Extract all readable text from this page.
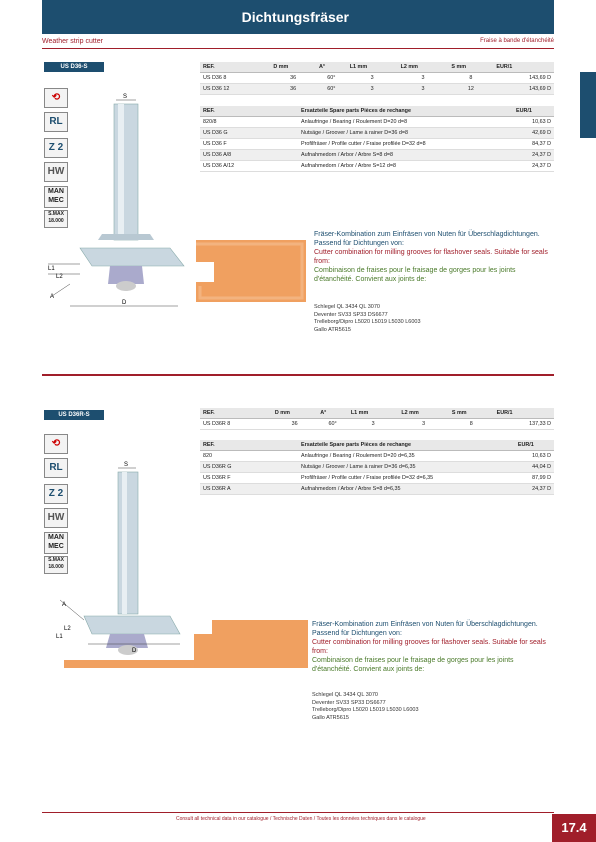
Dichtungsfräser
Weather strip cutter	Fraise à bande d'étanchéité
US D36-S
⟲
RL
Z 2
HW
MAN MEC
S.MAX 18.000
S
L1
L2
A
D
REF.	D mm	A°	L1 mm	L2 mm	S mm	EUR/1
US D36 8	36	60°	3	3	8	143,69 D
US D36 12	36	60°	3	3	12	143,69 D
REF.	Ersatzteile Spare parts Pièces de rechange	EUR/1
820/8	Anlaufringe / Bearing / Roulement D=20 d=8	10,63 D
US D36 G	Nutsäge / Groover / Lame à rainer D=36 d=8	42,69 D
US D36 F	Profilfräser / Profile cutter / Fraise profilée D=32 d=8	84,37 D
US D36 A/8	Aufnahmedorn / Arbor / Arbre S=8 d=8	24,37 D
US D36 A/12	Aufnahmedorn / Arbor / Arbre S=12 d=8	24,37 D
Fräser-Kombination zum Einfräsen von Nuten für Überschlagdichtungen. Passend für Dichtungen von:
Cutter combination for milling grooves for flashover seals. Suitable for seals from:
Combinaison de fraises pour le fraisage de gorges pour les joints d'étanchéité. Convient aux joints de:
Schlegel QL 3434 QL 3070
Deventer SV33 SP33 DS6677
Trelleborg/Dipro L5020 L5019 L5030 L6003
Gallo ATR5615
US D36R-S
⟲
RL
Z 2
HW
MAN MEC
S.MAX 18.000
S
A
L2
L1
D
REF.	D mm	A°	L1 mm	L2 mm	S mm	EUR/1
US D36R 8	36	60°	3	3	8	137,33 D
REF.	Ersatzteile Spare parts Pièces de rechange	EUR/1
820	Anlaufringe / Bearing / Roulement D=20 d=6,35	10,63 D
US D36R G	Nutsäge / Groover / Lame à rainer D=36 d=6,35	44,04 D
US D36R F	Profilfräser / Profile cutter / Fraise profilée D=32 d=6,35	87,99 D
US D36R A	Aufnahmedorn / Arbor / Arbre S=8 d=6,35	24,37 D
Fräser-Kombination zum Einfräsen von Nuten für Überschlagdichtungen. Passend für Dichtungen von:
Cutter combination for milling grooves for flashover seals. Suitable for seals from:
Combinaison de fraises pour le fraisage de gorges pour les joints d'étanchéité. Convient aux joints de:
Schlegel QL 3434 QL 3070
Deventer SV33 SP33 DS6677
Trelleborg/Dipro L5020 L5019 L5030 L6003
Gallo ATR5615
Consult all technical data in our catalogue / Technische Daten / Toutes les données techniques dans le catalogue
17.4
